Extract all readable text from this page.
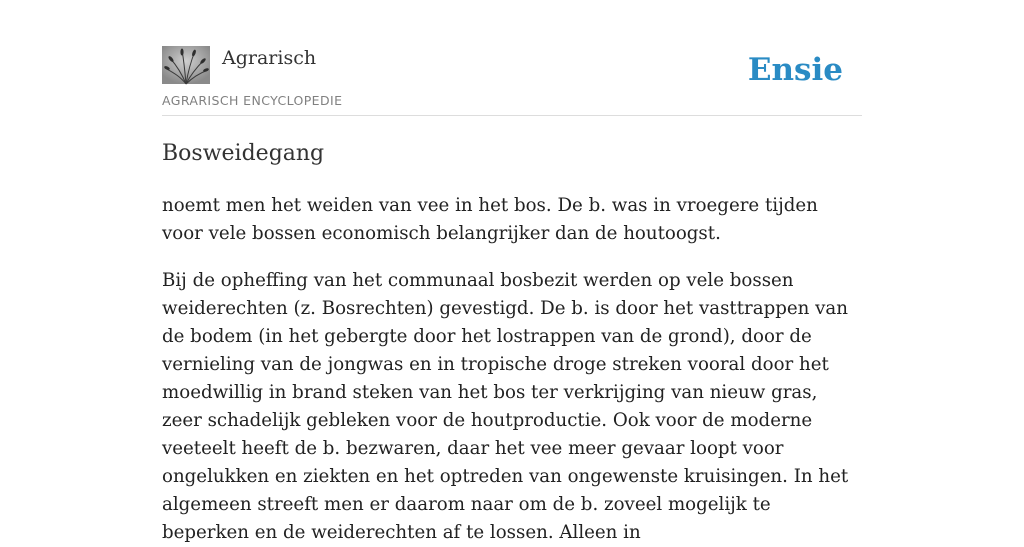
Agrarisch	Ensie
AGRARISCH ENCYCLOPEDIE
Bosweidegang

noemt men het weiden van vee in het bos. De b. was in vroegere tijden voor vele bossen economisch belangrijker dan de houtoogst.

Bij de opheffing van het communaal bosbezit werden op vele bossen weiderechten (z. Bosrechten) gevestigd. De b. is door het vasttrappen van de bodem (in het gebergte door het lostrappen van de grond), door de vernieling van de jongwas en in tropische droge streken vooral door het moedwillig in brand steken van het bos ter verkrijging van nieuw gras, zeer schadelijk gebleken voor de houtproductie. Ook voor de moderne veeteelt heeft de b. bezwaren, daar het vee meer gevaar loopt voor ongelukken en ziekten en het optreden van ongewenste kruisingen. In het algemeen streeft men er daarom naar om de b. zoveel mogelijk te beperken en de weiderechten af te lossen. Alleen in
